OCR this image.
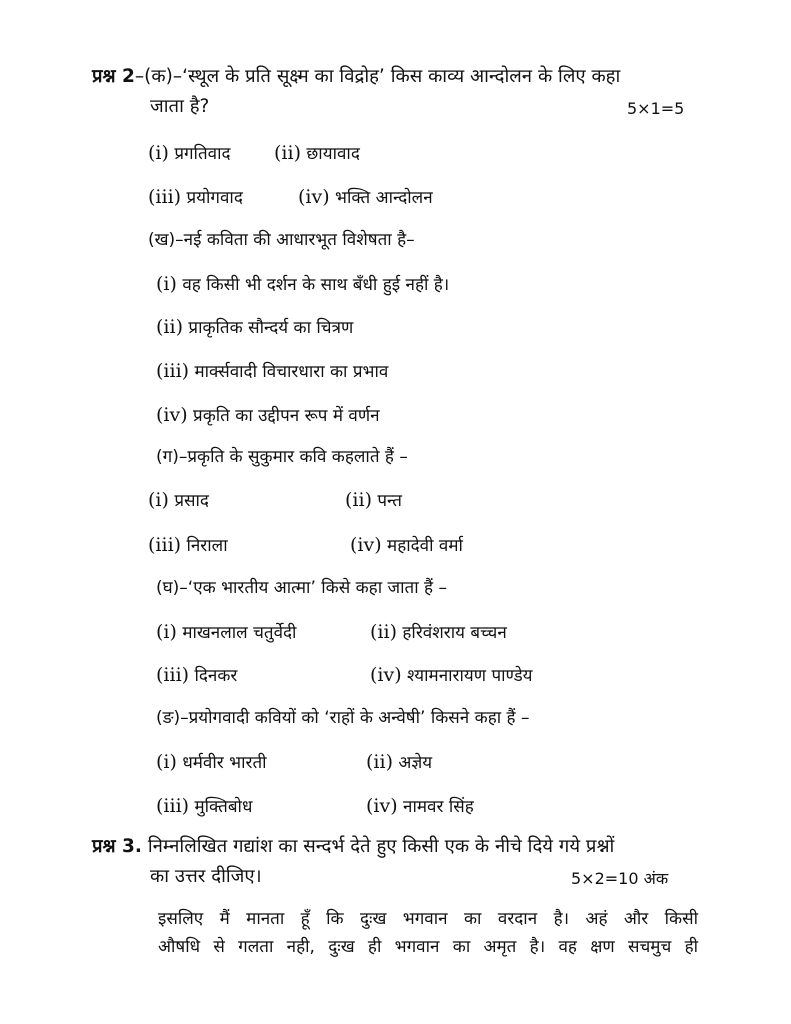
प्रश्न 2–(क)–‘स्थूल के प्रति सूक्ष्म का विद्रोह’ किस काव्य आन्दोलन के लिए कहा
जाता है?	5×1=5
(i) प्रगतिवाद (ii) छायावाद
(iii) प्रयोगवाद	(iv) भक्ति आन्दोलन
(ख)–नई कविता की आधारभूत विशेषता है–
(i) वह किसी भी दर्शन के साथ बँधी हुई नहीं है।
(ii) प्राकृतिक सौन्दर्य का चित्रण
(iii) मार्क्सवादी विचारधारा का प्रभाव
(iv) प्रकृति का उद्दीपन रूप में वर्णन
(ग)–प्रकृति के सुकुमार कवि कहलाते हैं –
(i) प्रसाद	(ii) पन्त
(iii) निराला	(iv) महादेवी वर्मा
(घ)–‘एक भारतीय आत्मा’ किसे कहा जाता हैं –
(i) माखनलाल चतुर्वेदी	(ii) हरिवंशराय बच्चन
(iii) दिनकर	(iv) श्यामनारायण पाण्डेय
(ङ)–प्रयोगवादी कवियों को ‘राहों के अन्वेषी’ किसने कहा हैं –
(i) धर्मवीर भारती	(ii) अज्ञेय
(iii) मुक्तिबोध	(iv) नामवर सिंह
प्रश्न 3. निम्नलिखित गद्यांश का सन्दर्भ देते हुए किसी एक के नीचे दिये गये प्रश्नों
का उत्तर दीजिए।	5×2=10 अंक
इसलिए मैं मानता हूँ कि दुःख भगवान का वरदान है। अहं और किसी
औषधि से गलता नही, दुःख ही भगवान का अमृत है। वह क्षण सचमुच ही
